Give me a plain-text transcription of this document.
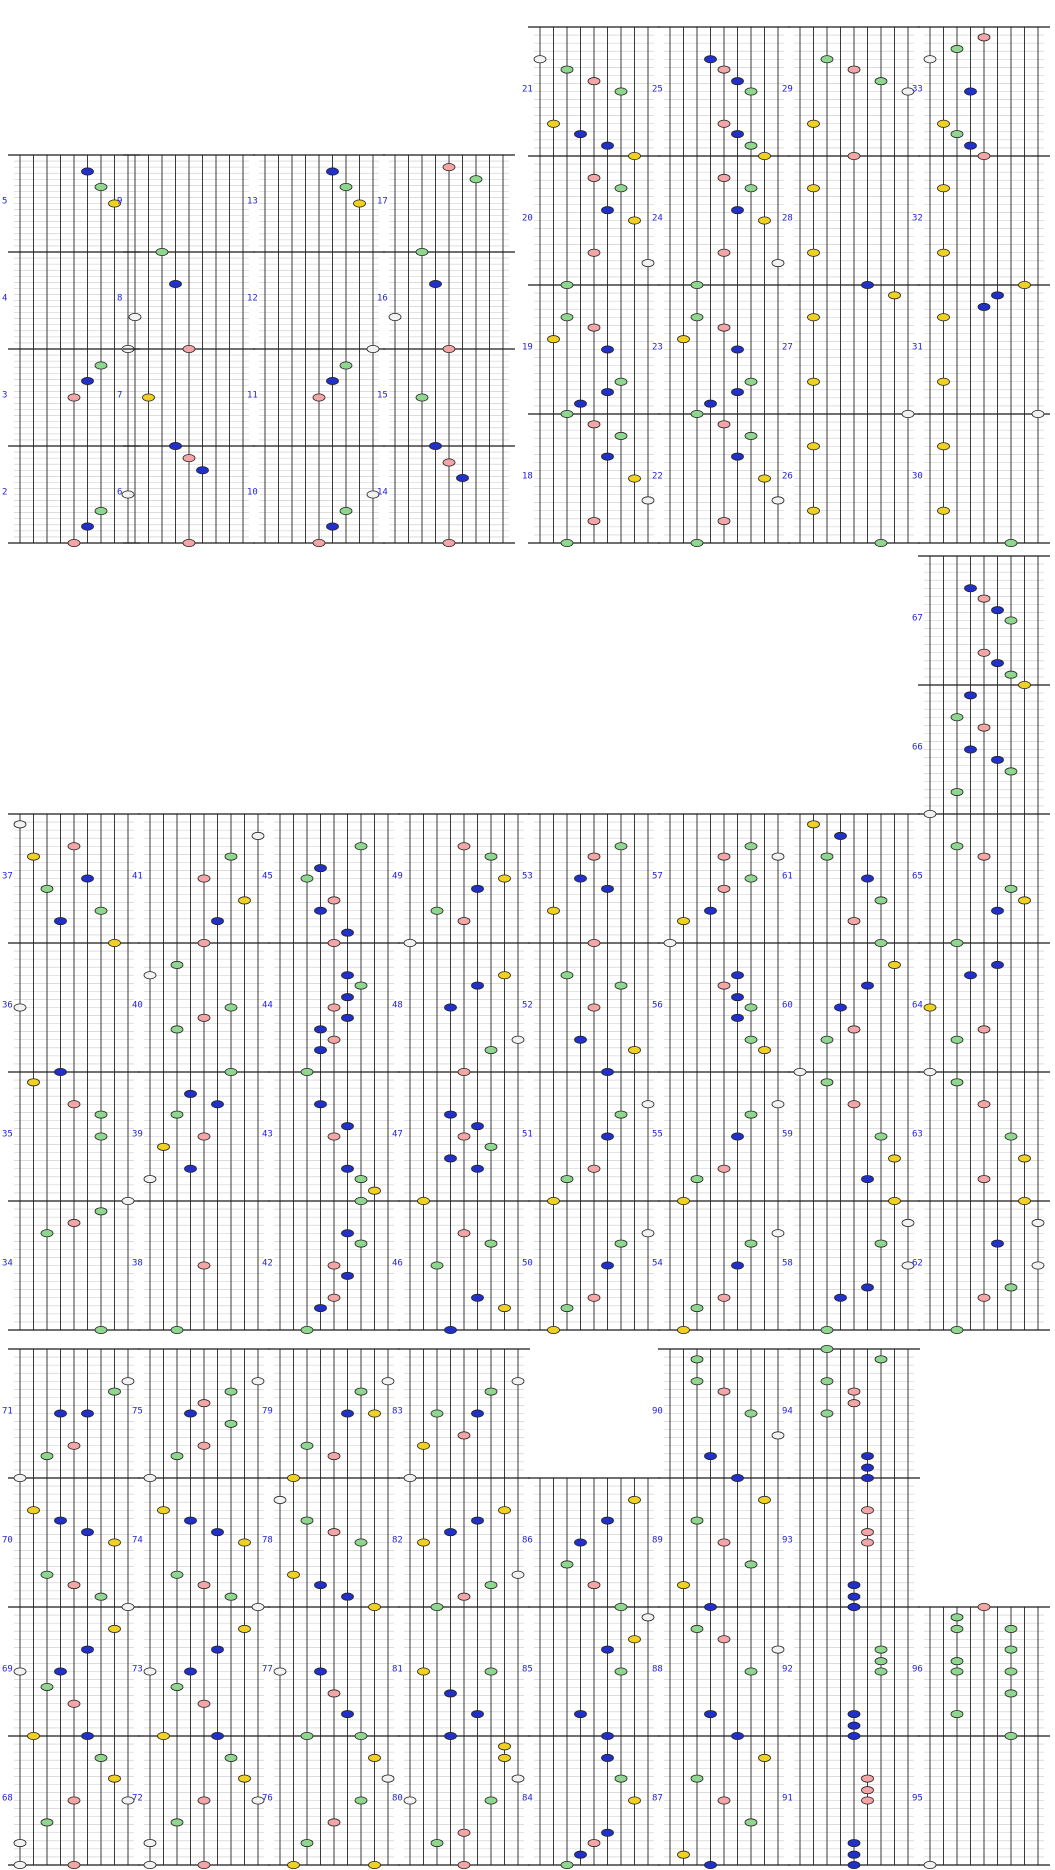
2
3
4
5
6
7
8
9
10
11
12
13
14
15
16
17
18
19
20
21
22
23
24
25
26
27
28
29
30
31
32
33
34
35
36
37
38
39
40
41
42
43
44
45
46
47
48
49
50
51
52
53
54
55
56
57
58
59
60
61
62
63
64
65
66
67
68
69
70
71
72
73
74
75
76
77
78
79
80
81
82
83
84
85
86
87
88
89
90
91
92
93
94
95
96
